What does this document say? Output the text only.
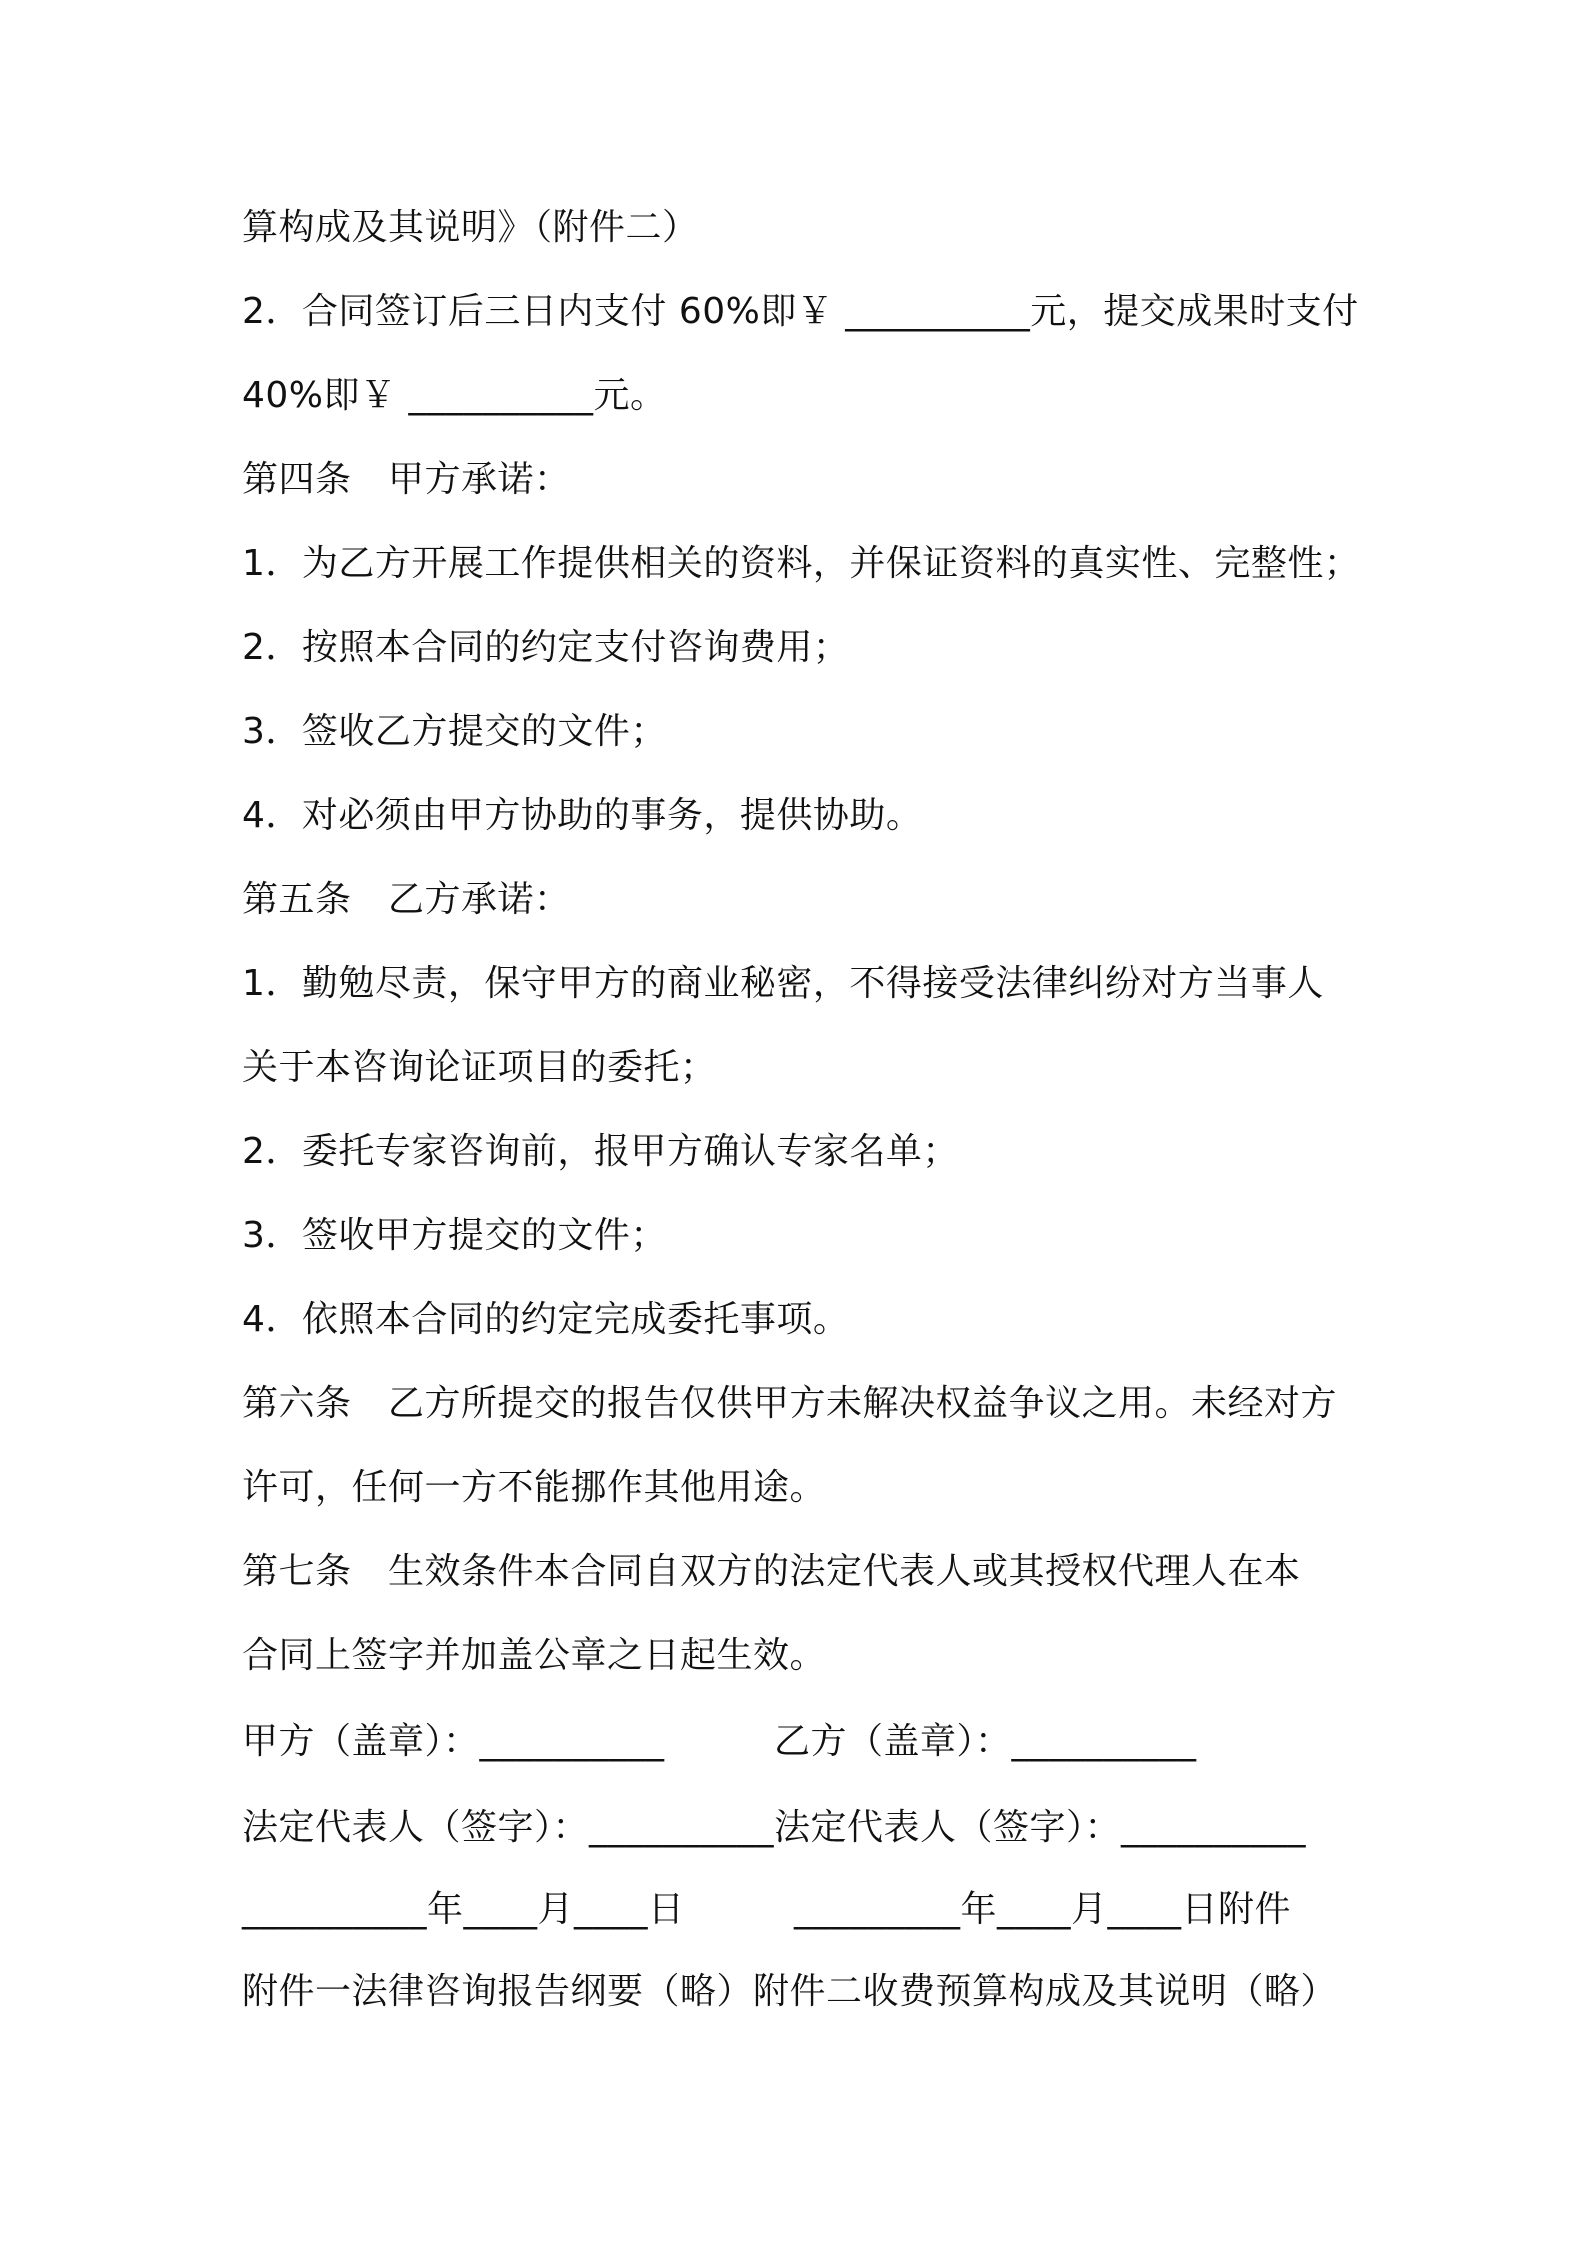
算构成及其说明》（附件二）
2．合同签订后三日内支付 60%即￥ __________元，提交成果时支付
40%即￥ __________元。
第四条　甲方承诺：
1．为乙方开展工作提供相关的资料，并保证资料的真实性、完整性；
2．按照本合同的约定支付咨询费用；
3．签收乙方提交的文件；
4．对必须由甲方协助的事务，提供协助。
第五条　乙方承诺：
1．勤勉尽责，保守甲方的商业秘密，不得接受法律纠纷对方当事人
关于本咨询论证项目的委托；
2．委托专家咨询前，报甲方确认专家名单；
3．签收甲方提交的文件；
4．依照本合同的约定完成委托事项。
第六条　乙方所提交的报告仅供甲方未解决权益争议之用。未经对方
许可，任何一方不能挪作其他用途。
第七条　生效条件本合同自双方的法定代表人或其授权代理人在本
合同上签字并加盖公章之日起生效。
甲方（盖章）：__________　　　乙方（盖章）：__________
法定代表人（签字）：__________法定代表人（签字）：__________
__________年____月____日　　　_________年____月____日附件
附件一法律咨询报告纲要（略）附件二收费预算构成及其说明（略）
